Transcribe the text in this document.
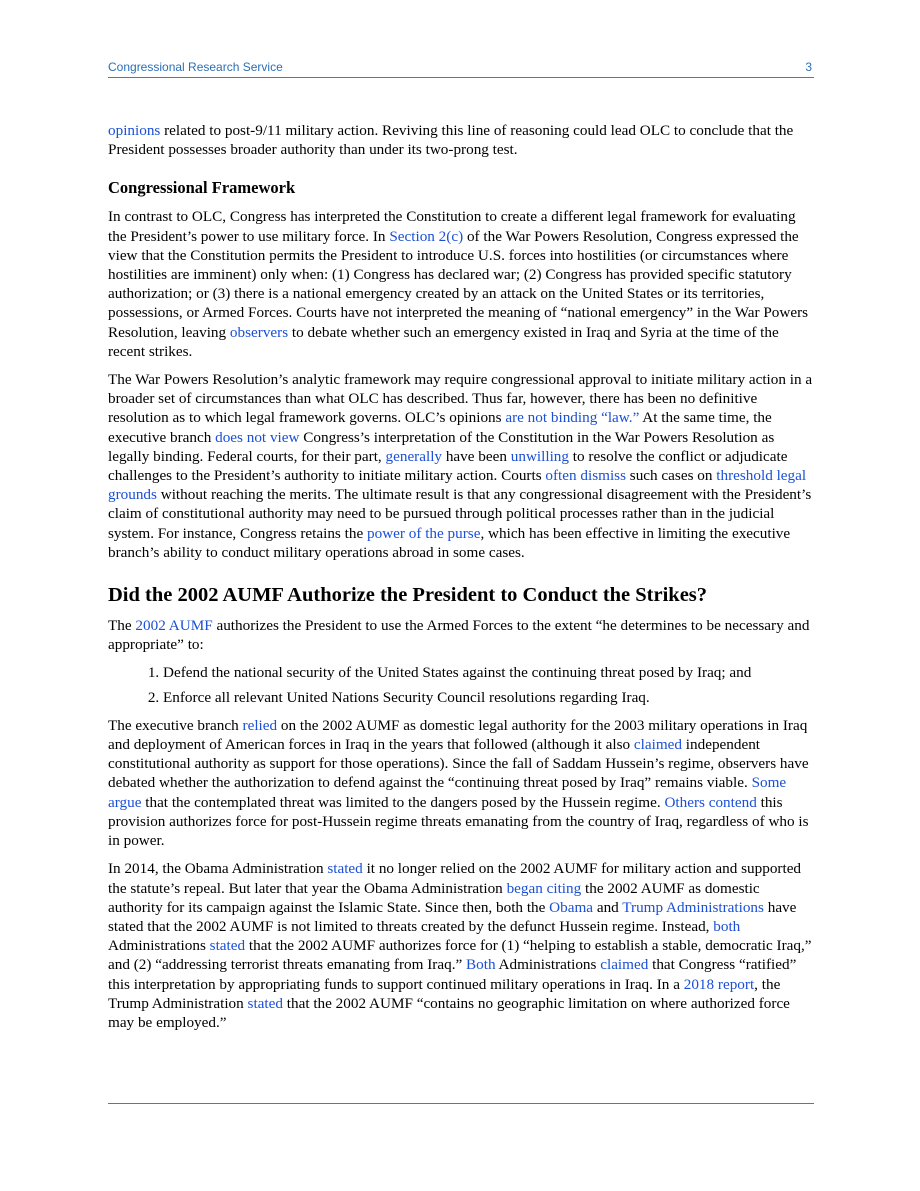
Congressional Research Service	3

opinions related to post-9/11 military action. Reviving this line of reasoning could lead OLC to conclude that the President possesses broader authority than under its two-prong test.

Congressional Framework

In contrast to OLC, Congress has interpreted the Constitution to create a different legal framework for evaluating the President’s power to use military force. In Section 2(c) of the War Powers Resolution, Congress expressed the view that the Constitution permits the President to introduce U.S. forces into hostilities (or circumstances where hostilities are imminent) only when: (1) Congress has declared war; (2) Congress has provided specific statutory authorization; or (3) there is a national emergency created by an attack on the United States or its territories, possessions, or Armed Forces. Courts have not interpreted the meaning of “national emergency” in the War Powers Resolution, leaving observers to debate whether such an emergency existed in Iraq and Syria at the time of the recent strikes.

The War Powers Resolution’s analytic framework may require congressional approval to initiate military action in a broader set of circumstances than what OLC has described. Thus far, however, there has been no definitive resolution as to which legal framework governs. OLC’s opinions are not binding “law.” At the same time, the executive branch does not view Congress’s interpretation of the Constitution in the War Powers Resolution as legally binding. Federal courts, for their part, generally have been unwilling to resolve the conflict or adjudicate challenges to the President’s authority to initiate military action. Courts often dismiss such cases on threshold legal grounds without reaching the merits. The ultimate result is that any congressional disagreement with the President’s claim of constitutional authority may need to be pursued through political processes rather than in the judicial system. For instance, Congress retains the power of the purse, which has been effective in limiting the executive branch’s ability to conduct military operations abroad in some cases.

Did the 2002 AUMF Authorize the President to Conduct the Strikes?

The 2002 AUMF authorizes the President to use the Armed Forces to the extent “he determines to be necessary and appropriate” to:

1. Defend the national security of the United States against the continuing threat posed by Iraq; and
2. Enforce all relevant United Nations Security Council resolutions regarding Iraq.

The executive branch relied on the 2002 AUMF as domestic legal authority for the 2003 military operations in Iraq and deployment of American forces in Iraq in the years that followed (although it also claimed independent constitutional authority as support for those operations). Since the fall of Saddam Hussein’s regime, observers have debated whether the authorization to defend against the “continuing threat posed by Iraq” remains viable. Some argue that the contemplated threat was limited to the dangers posed by the Hussein regime. Others contend this provision authorizes force for post-Hussein regime threats emanating from the country of Iraq, regardless of who is in power.

In 2014, the Obama Administration stated it no longer relied on the 2002 AUMF for military action and supported the statute’s repeal. But later that year the Obama Administration began citing the 2002 AUMF as domestic authority for its campaign against the Islamic State. Since then, both the Obama and Trump Administrations have stated that the 2002 AUMF is not limited to threats created by the defunct Hussein regime. Instead, both Administrations stated that the 2002 AUMF authorizes force for (1) “helping to establish a stable, democratic Iraq,” and (2) “addressing terrorist threats emanating from Iraq.” Both Administrations claimed that Congress “ratified” this interpretation by appropriating funds to support continued military operations in Iraq. In a 2018 report, the Trump Administration stated that the 2002 AUMF “contains no geographic limitation on where authorized force may be employed.”
